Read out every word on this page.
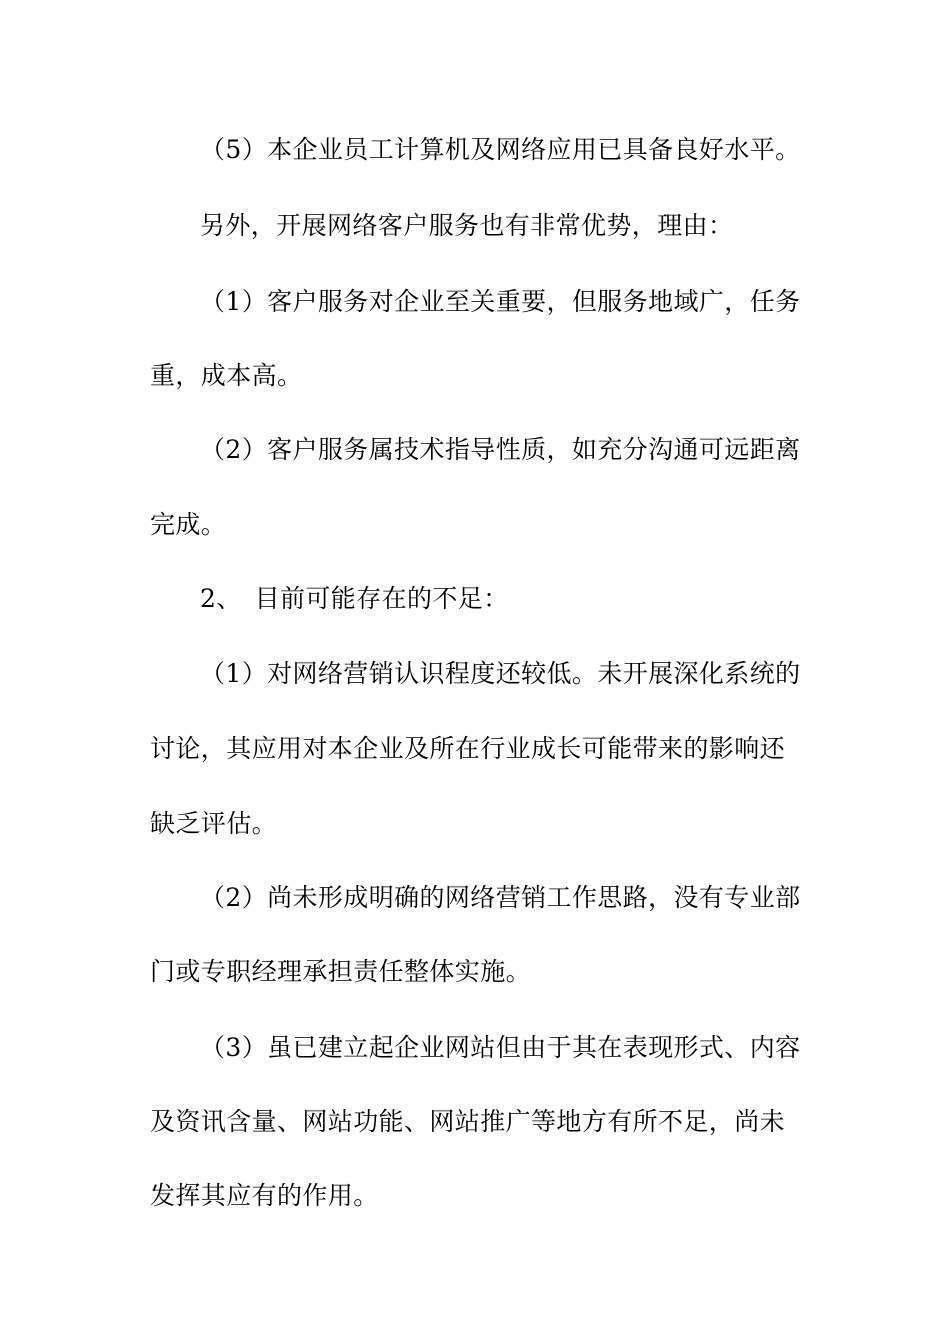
（5）本企业员工计算机及网络应用已具备良好水平。
另外，开展网络客户服务也有非常优势，理由：
（1）客户服务对企业至关重要，但服务地域广，任务
重，成本高。
（2）客户服务属技术指导性质，如充分沟通可远距离
完成。
2、　目前可能存在的不足：
（1）对网络营销认识程度还较低。未开展深化系统的
讨论，其应用对本企业及所在行业成长可能带来的影响还
缺乏评估。
（2）尚未形成明确的网络营销工作思路，没有专业部
门或专职经理承担责任整体实施。
（3）虽已建立起企业网站但由于其在表现形式、内容
及资讯含量、网站功能、网站推广等地方有所不足，尚未
发挥其应有的作用。
